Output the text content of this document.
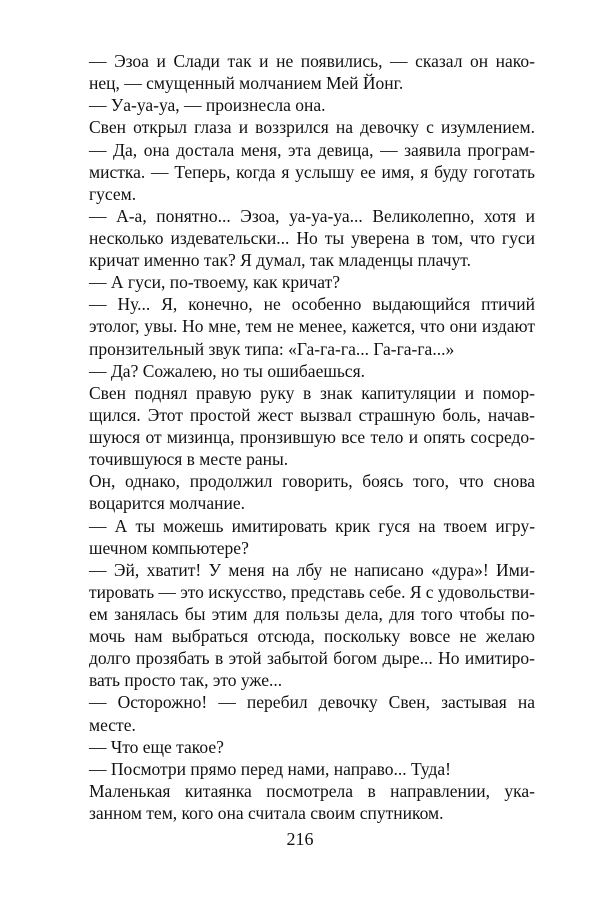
— Эзоа и Слади так и не появились, — сказал он нако-
нец, — смущенный молчанием Мей Йонг.
— Уа-уа-уа, — произнесла она.
Свен открыл глаза и воззрился на девочку с изумлением.
— Да, она достала меня, эта девица, — заявила програм-
мистка. — Теперь, когда я услышу ее имя, я буду гоготать
гусем.
— А-а, понятно... Эзоа, уа-уа-уа... Великолепно, хотя и
несколько издевательски... Но ты уверена в том, что гуси
кричат именно так? Я думал, так младенцы плачут.
— А гуси, по-твоему, как кричат?
— Ну... Я, конечно, не особенно выдающийся птичий
этолог, увы. Но мне, тем не менее, кажется, что они издают
пронзительный звук типа: «Га-га-га... Га-га-га...»
— Да? Сожалею, но ты ошибаешься.
Свен поднял правую руку в знак капитуляции и помор-
щился. Этот простой жест вызвал страшную боль, начав-
шуюся от мизинца, пронзившую все тело и опять сосредо-
точившуюся в месте раны.
Он, однако, продолжил говорить, боясь того, что снова
воцарится молчание.
— А ты можешь имитировать крик гуся на твоем игру-
шечном компьютере?
— Эй, хватит! У меня на лбу не написано «дура»! Ими-
тировать — это искусство, представь себе. Я с удовольстви-
ем занялась бы этим для пользы дела, для того чтобы по-
мочь нам выбраться отсюда, поскольку вовсе не желаю
долго прозябать в этой забытой богом дыре... Но имитиро-
вать просто так, это уже...
— Осторожно! — перебил девочку Свен, застывая на
месте.
— Что еще такое?
— Посмотри прямо перед нами, направо... Туда!
Маленькая китаянка посмотрела в направлении, ука-
занном тем, кого она считала своим спутником.
216
